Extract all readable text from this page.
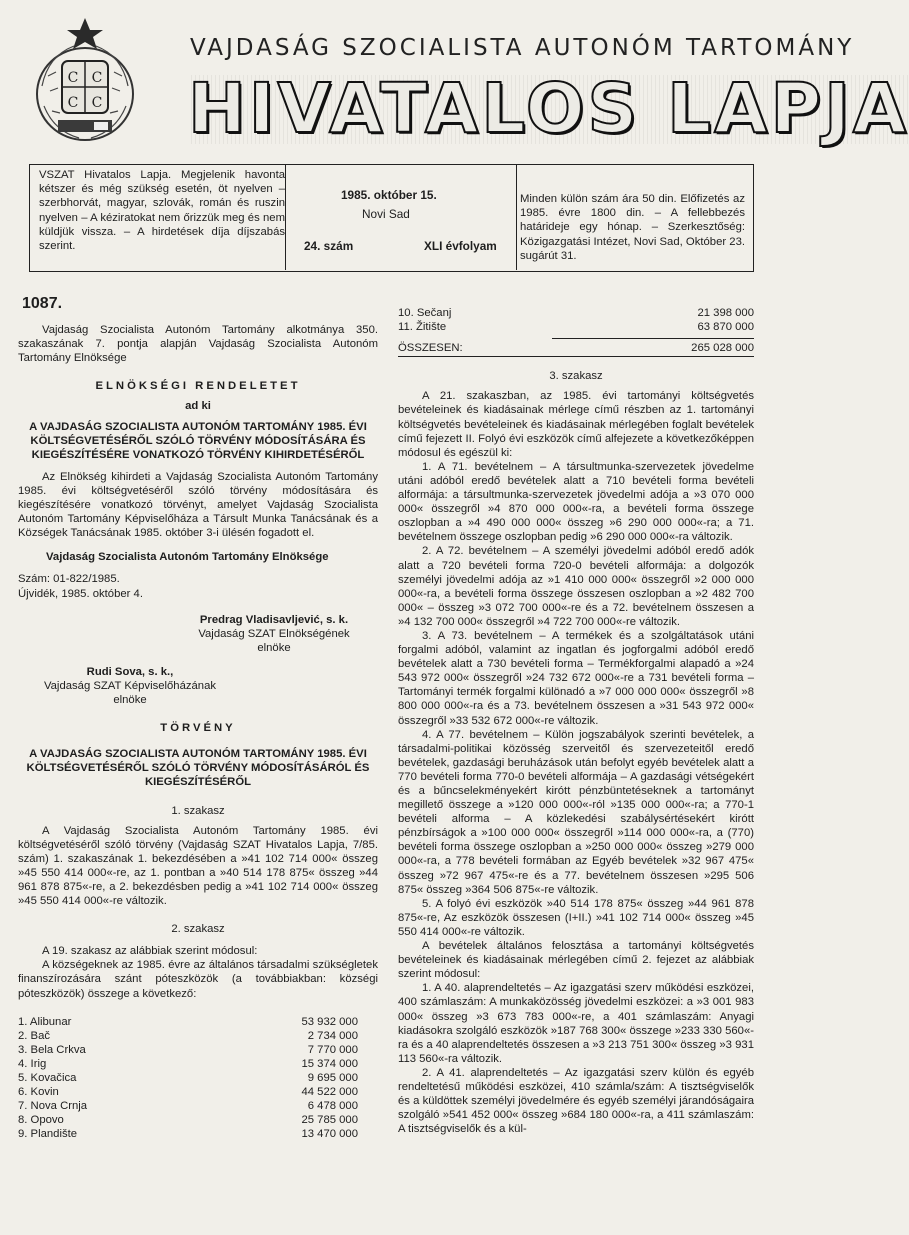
С С
С С
VAJDASÁG SZOCIALISTA AUTONÓM TARTOMÁNY
HIVATALOS LAPJA
VSZAT Hivatalos Lapja. Megjelenik havonta kétszer és még szükség esetén, öt nyelven – szerbhorvát, magyar, szlovák, román és ruszin nyelven – A kéziratokat nem őrizzük meg és nem küldjük vissza. – A hirdetések díja díjszabás szerint.
1985. október 15.
Novi Sad
24. szám	XLI évfolyam
Minden külön szám ára 50 din. Előfizetés az 1985. évre 1800 din. – A fellebbezés határideje egy hónap. – Szerkesztőség: Közigazgatási Intézet, Novi Sad, Október 23. sugárút 31.
1087.

Vajdaság Szocialista Autonóm Tartomány alkotmánya 350. szakaszának 7. pontja alapján Vajdaság Szocialista Autonóm Tartomány Elnöksége

ELNÖKSÉGI RENDELETET
ad ki
A VAJDASÁG SZOCIALISTA AUTONÓM TARTOMÁNY 1985. ÉVI KÖLTSÉGVETÉSÉRŐL SZÓLÓ TÖRVÉNY MÓDOSÍTÁSÁRA ÉS KIEGÉSZÍTÉSÉRE VONATKOZÓ TÖRVÉNY KIHIRDETÉSÉRŐL

Az Elnökség kihirdeti a Vajdaság Szocialista Autonóm Tartomány 1985. évi költségvetéséről szóló törvény módosítására és kiegészítésére vonatkozó törvényt, amelyet Vajdaság Szocialista Autonóm Tartomány Képviselőháza a Társult Munka Tanácsának és a Községek Tanácsának 1985. október 3-i ülésén fogadott el.

Vajdaság Szocialista Autonóm Tartomány Elnöksége
Szám: 01-822/1985.
Újvidék, 1985. október 4.
Predrag Vladisavljević, s. k.
Vajdaság SZAT Elnökségének
elnöke
Rudi Sova, s. k.,
Vajdaság SZAT Képviselőházának
elnöke
TÖRVÉNY
A VAJDASÁG SZOCIALISTA AUTONÓM TARTOMÁNY 1985. ÉVI KÖLTSÉGVETÉSÉRŐL SZÓLÓ TÖRVÉNY MÓDOSÍTÁSÁRÓL ÉS KIEGÉSZÍTÉSÉRŐL
1. szakasz

A Vajdaság Szocialista Autonóm Tartomány 1985. évi költségvetéséről szóló törvény (Vajdaság SZAT Hivatalos Lapja, 7/85. szám) 1. szakaszának 1. bekezdésében a »41 102 714 000« összeg »45 550 414 000«-re, az 1. pontban a »40 514 178 875« összeg »44 961 878 875«-re, a 2. bekezdésben pedig a »41 102 714 000« összeg »45 550 414 000«-re változik.

2. szakasz

A 19. szakasz az alábbiak szerint módosul:

A községeknek az 1985. évre az általános társadalmi szükségletek finanszírozására szánt póteszközök (a továbbiakban: községi póteszközök) összege a következő:

1. Alibunar	53 932 000
2. Bač	2 734 000
3. Bela Crkva	7 770 000
4. Irig	15 374 000
5. Kovačica	9 695 000
6. Kovin	44 522 000
7. Nova Crnja	6 478 000
8. Opovo	25 785 000
9. Plandište	13 470 000
10. Sečanj	21 398 000
11. Žitište	63 870 000
ÖSSZESEN:	265 028 000
3. szakasz

A 21. szakaszban, az 1985. évi tartományi költségvetés bevételeinek és kiadásainak mérlege című részben az 1. tartományi költségvetés bevételeinek és kiadásainak mérlegében foglalt bevételek című fejezett II. Folyó évi eszközök című alfejezete a következőképpen módosul és egészül ki:

1. A 71. bevételnem – A társultmunka-szervezetek jövedelme utáni adóból eredő bevételek alatt a 710 bevételi forma bevételi alformája: a társultmunka-szervezetek jövedelmi adója a »3 070 000 000« összegről »4 870 000 000«-ra, a bevételi forma összege oszlopban a »4 490 000 000« összeg »6 290 000 000«-ra; a 71. bevételnem összege oszlopban pedig »6 290 000 000«-ra változik.

2. A 72. bevételnem – A személyi jövedelmi adóból eredő adók alatt a 720 bevételi forma 720-0 bevételi alformája: a dolgozók személyi jövedelmi adója az »1 410 000 000« összegről »2 000 000 000«-ra, a bevételi forma összege összesen oszlopban a »2 482 700 000« – összeg »3 072 700 000«-re és a 72. bevételnem összesen a »4 132 700 000« összegről »4 722 700 000«-re változik.

3. A 73. bevételnem – A termékek és a szolgáltatások utáni forgalmi adóból, valamint az ingatlan és jogforgalmi adóból eredő bevételek alatt a 730 bevételi forma – Termékforgalmi alapadó a »24 543 972 000« összegről »24 732 672 000«-re a 731 bevételi forma – Tartományi termék forgalmi különadó a »7 000 000 000« összegről »8 800 000 000«-ra és a 73. bevételnem összesen a »31 543 972 000« összegről »33 532 672 000«-re változik.

4. A 77. bevételnem – Külön jogszabályok szerinti bevételek, a társadalmi-politikai közösség szerveitől és szervezeteitől eredő bevételek, gazdasági beruházások után befolyt egyéb bevételek alatt a 770 bevételi forma 770-0 bevételi alformája – A gazdasági vétségekért és a bűncselekményekért kirótt pénzbüntetéseknek a tartományt megillető összege a »120 000 000«-ról »135 000 000«-ra; a 770-1 bevételi alforma – A közlekedési szabálysértésekért kirótt pénzbírságok a »100 000 000« összegről »114 000 000«-ra, a (770) bevételi forma összege oszlopban a »250 000 000« összeg »279 000 000«-ra, a 778 bevételi formában az Egyéb bevételek »32 967 475« összeg »72 967 475«-re és a 77. bevételnem összesen »295 506 875« összeg »364 506 875«-re változik.

5. A folyó évi eszközök »40 514 178 875« összeg »44 961 878 875«-re, Az eszközök összesen (I+II.) »41 102 714 000« összeg »45 550 414 000«-re változik.

A bevételek általános felosztása a tartományi költségvetés bevételeinek és kiadásainak mérlegében című 2. fejezet az alábbiak szerint módosul:

1. A 40. alaprendeltetés – Az igazgatási szerv működési eszközei, 400 számlaszám: A munkaközösség jövedelmi eszközei: a »3 001 983 000« összeg »3 673 783 000«-re, a 401 számlaszám: Anyagi kiadásokra szolgáló eszközök »187 768 300« összege »233 330 560«-ra és a 40 alaprendeltetés összesen a »3 213 751 300« összeg »3 931 113 560«-ra változik.

2. A 41. alaprendeltetés – Az igazgatási szerv külön és egyéb rendeltetésű működési eszközei, 410 számla/szám: A tisztségviselők és a küldöttek személyi jövedelmére és egyéb személyi járandóságaira szolgáló »541 452 000« összeg »684 180 000«-ra, a 411 számlaszám: A tisztségviselők és a kül-
